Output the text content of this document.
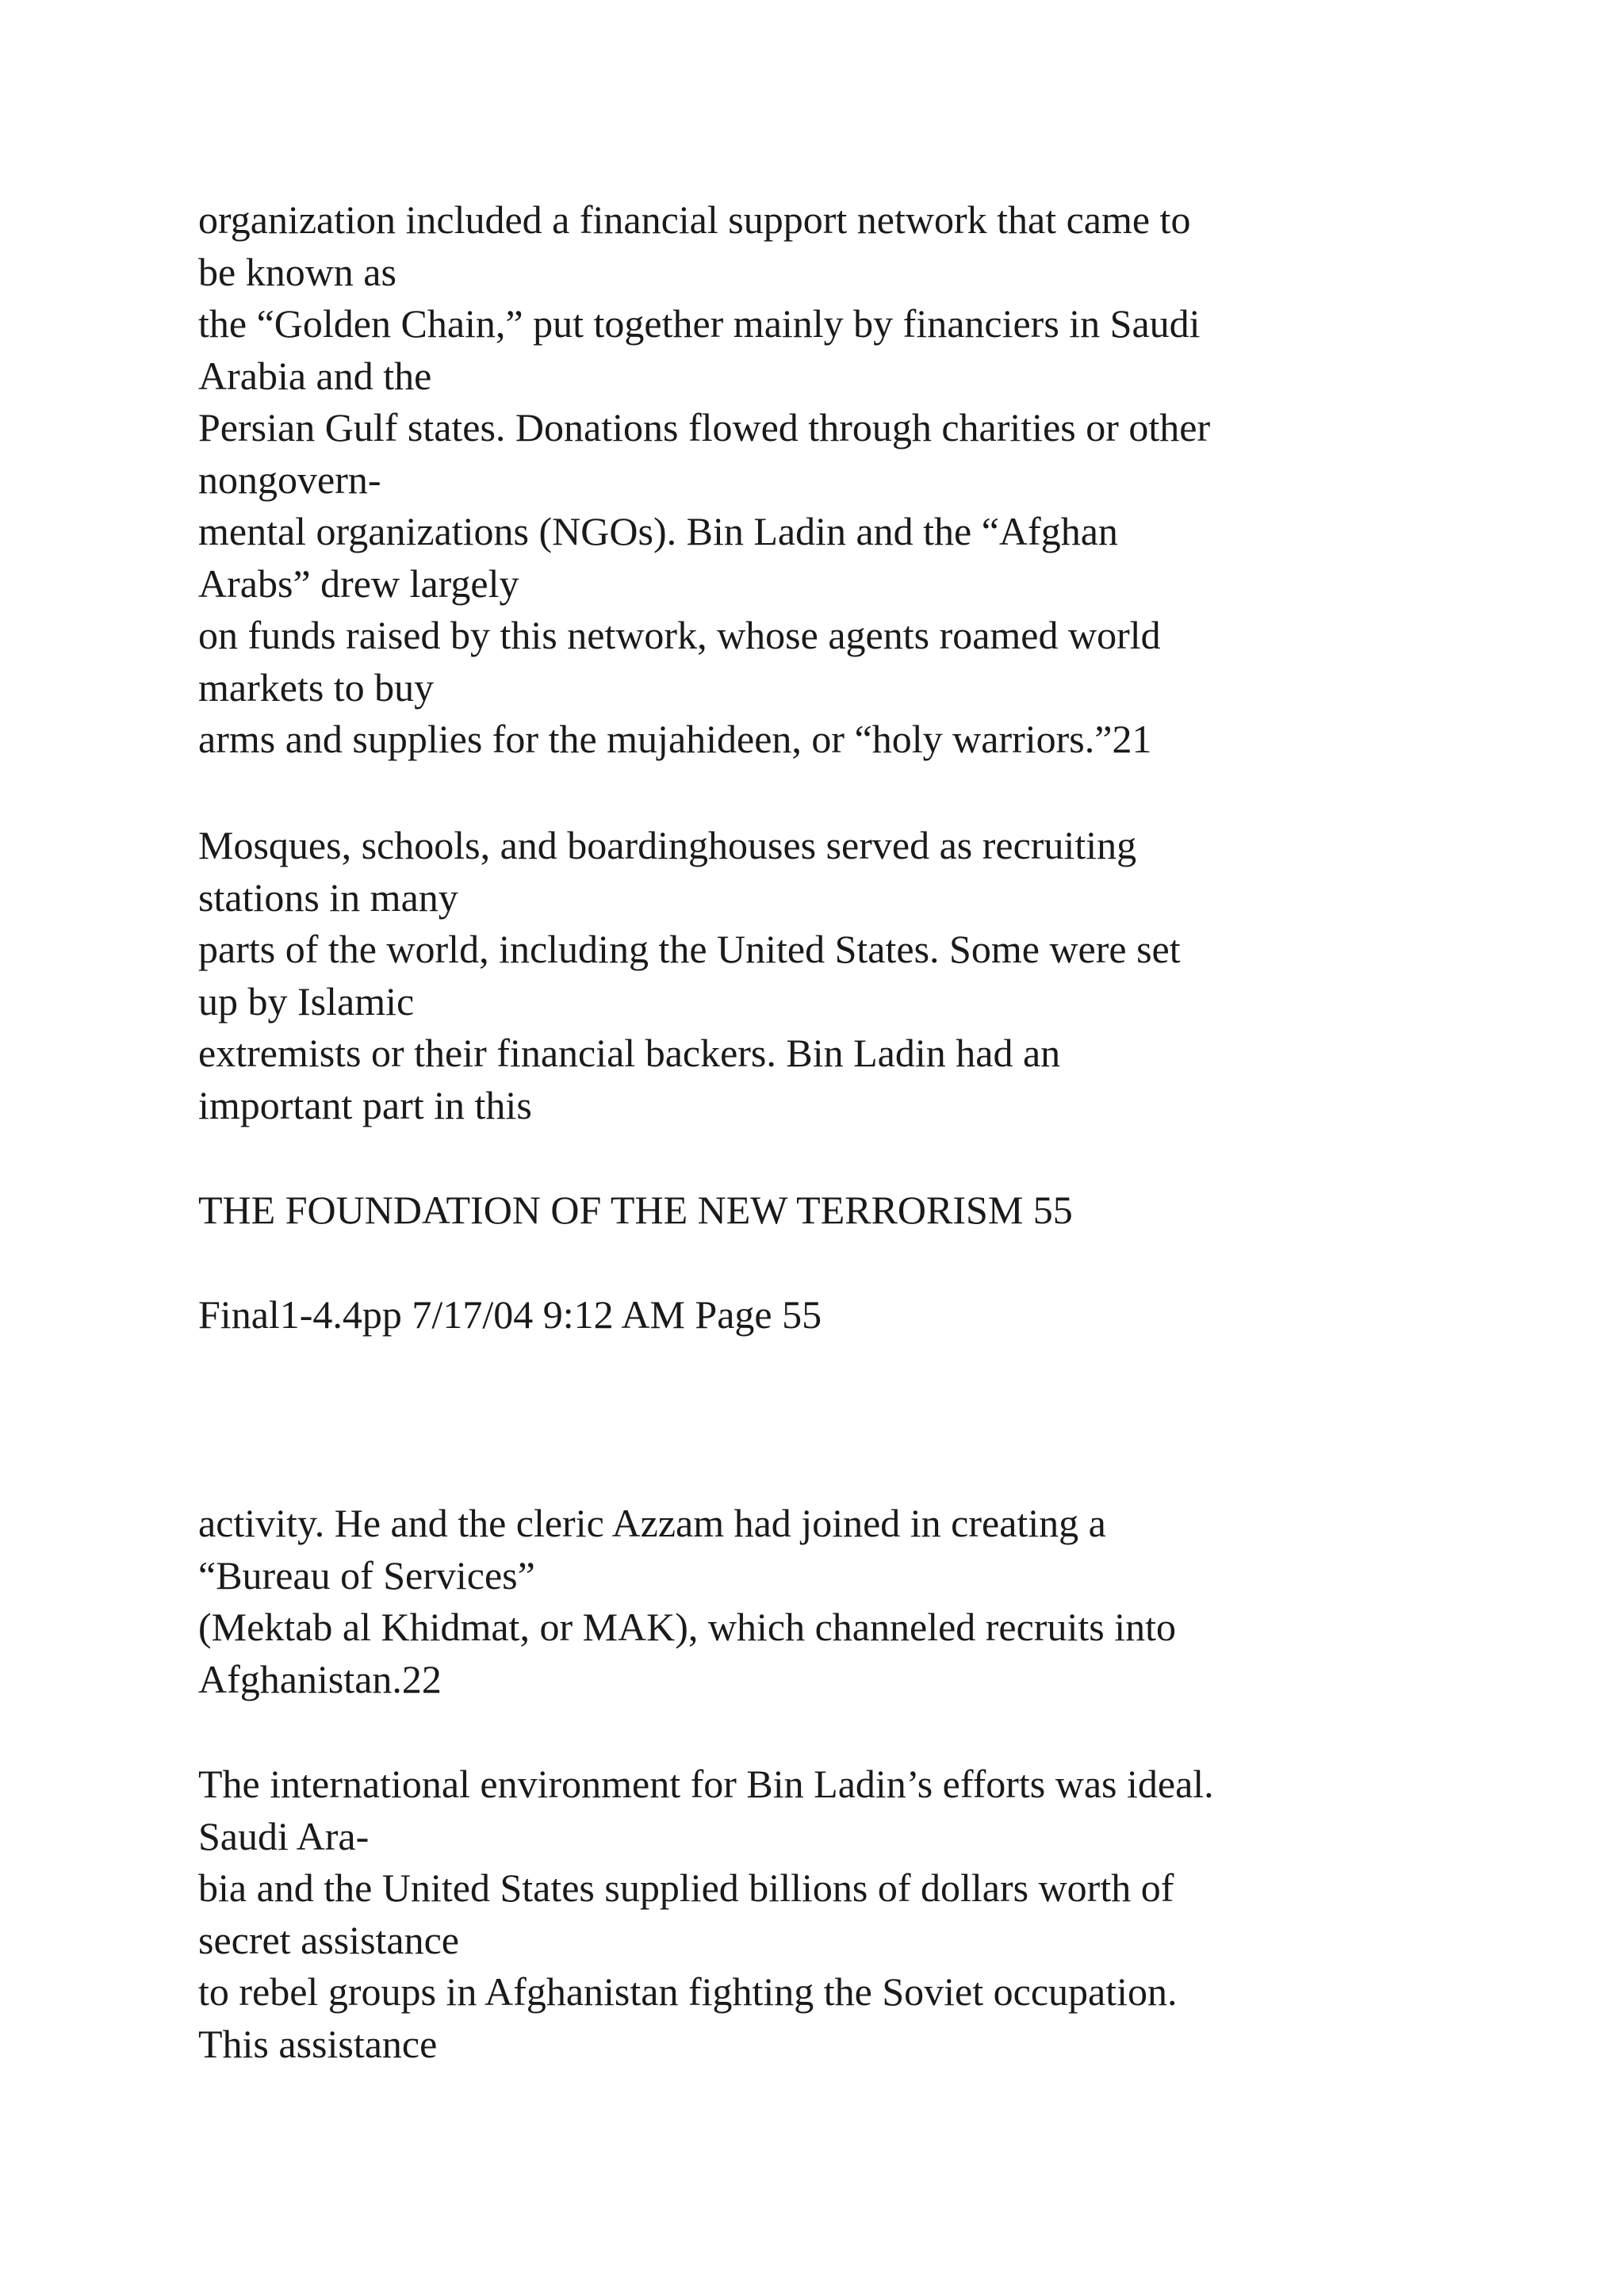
organization included a financial support network that came to
be known as
the “Golden Chain,” put together mainly by financiers in Saudi
Arabia and the
Persian Gulf states. Donations flowed through charities or other
nongovern-
mental organizations (NGOs). Bin Ladin and the “Afghan
Arabs” drew largely
on funds raised by this network, whose agents roamed world
markets to buy
arms and supplies for the mujahideen, or “holy warriors.”21
Mosques, schools, and boardinghouses served as recruiting
stations in many
parts of the world, including the United States. Some were set
up by Islamic
extremists or their financial backers. Bin Ladin had an
important part in this
THE FOUNDATION OF THE NEW TERRORISM 55
Final1-4.4pp 7/17/04 9:12 AM Page 55
activity. He and the cleric Azzam had joined in creating a
“Bureau of Services”
(Mektab al Khidmat, or MAK), which channeled recruits into
Afghanistan.22
The international environment for Bin Ladin’s efforts was ideal.
Saudi Ara-
bia and the United States supplied billions of dollars worth of
secret assistance
to rebel groups in Afghanistan fighting the Soviet occupation.
This assistance
